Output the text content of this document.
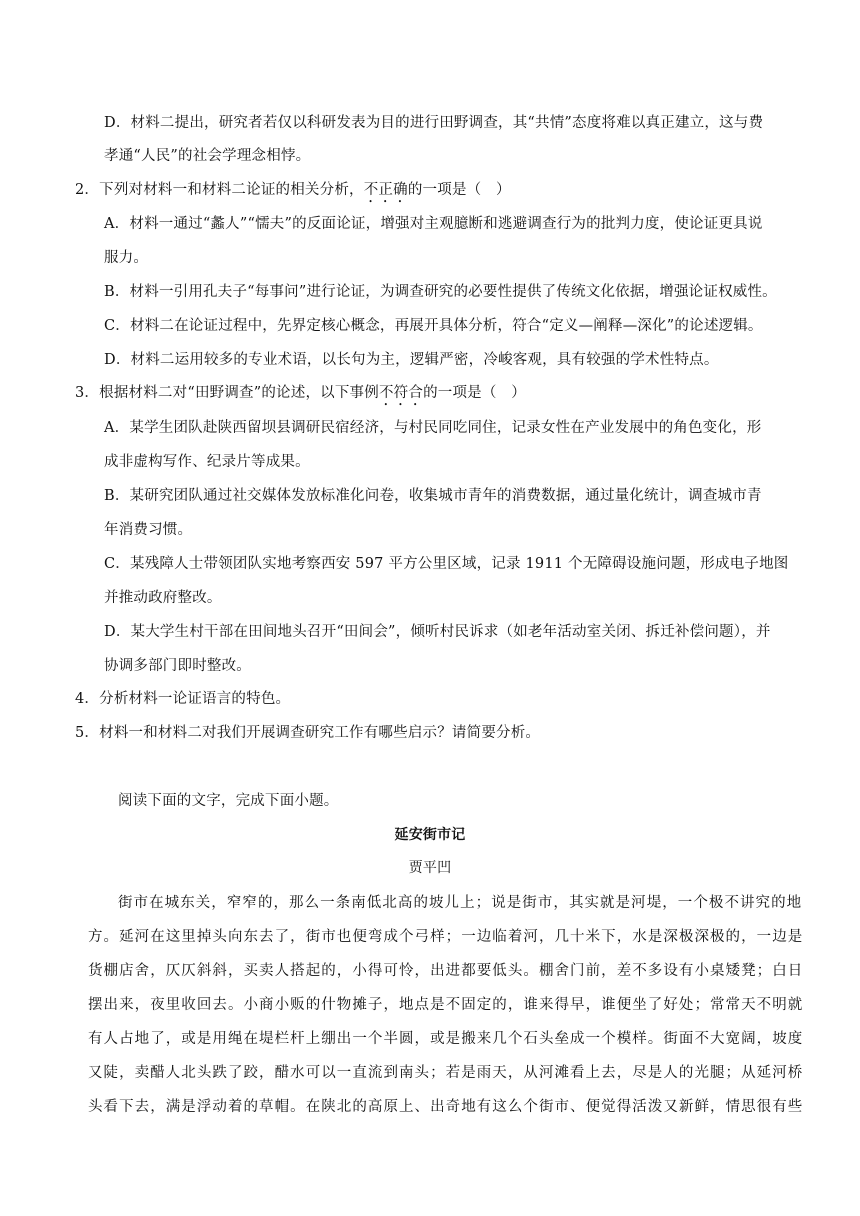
D．材料二提出，研究者若仅以科研发表为目的进行田野调查，其“共情”态度将难以真正建立，这与费
孝通“人民”的社会学理念相悖。
2．下列对材料一和材料二论证的相关分析，不正确的一项是（　）
A．材料一通过“蠡人”“懦夫”的反面论证，增强对主观臆断和逃避调查行为的批判力度，使论证更具说
服力。
B．材料一引用孔夫子“每事问”进行论证，为调查研究的必要性提供了传统文化依据，增强论证权威性。
C．材料二在论证过程中，先界定核心概念，再展开具体分析，符合“定义—阐释—深化”的论述逻辑。
D．材料二运用较多的专业术语，以长句为主，逻辑严密，冷峻客观，具有较强的学术性特点。
3．根据材料二对“田野调查”的论述，以下事例不符合的一项是（　）
A．某学生团队赴陕西留坝县调研民宿经济，与村民同吃同住，记录女性在产业发展中的角色变化，形
成非虚构写作、纪录片等成果。
B．某研究团队通过社交媒体发放标准化问卷，收集城市青年的消费数据，通过量化统计，调查城市青
年消费习惯。
C．某残障人士带领团队实地考察西安 597 平方公里区域，记录 1911 个无障碍设施问题，形成电子地图
并推动政府整改。
D．某大学生村干部在田间地头召开“田间会”，倾听村民诉求（如老年活动室关闭、拆迁补偿问题），并
协调多部门即时整改。
4．分析材料一论证语言的特色。
5．材料一和材料二对我们开展调查研究工作有哪些启示？请简要分析。
阅读下面的文字，完成下面小题。
延安街市记
贾平凹
街市在城东关，窄窄的，那么一条南低北高的坡儿上；说是街市，其实就是河堤，一个极不讲究的地
方。延河在这里掉头向东去了，街市也便弯成个弓样；一边临着河，几十米下，水是深极深极的，一边是
货棚店舍，仄仄斜斜，买卖人搭起的，小得可怜，出进都要低头。棚舍门前，差不多设有小桌矮凳；白日
摆出来，夜里收回去。小商小贩的什物摊子，地点是不固定的，谁来得早，谁便坐了好处；常常天不明就
有人占地了，或是用绳在堤栏杆上绷出一个半圆，或是搬来几个石头垒成一个模样。街面不大宽阔，坡度
又陡，卖醋人北头跌了跤，醋水可以一直流到南头；若是雨天，从河滩看上去，尽是人的光腿；从延河桥
头看下去，满是浮动着的草帽。在陕北的高原上、出奇地有这么个街市、便觉得活泼又新鲜，情思很有些
